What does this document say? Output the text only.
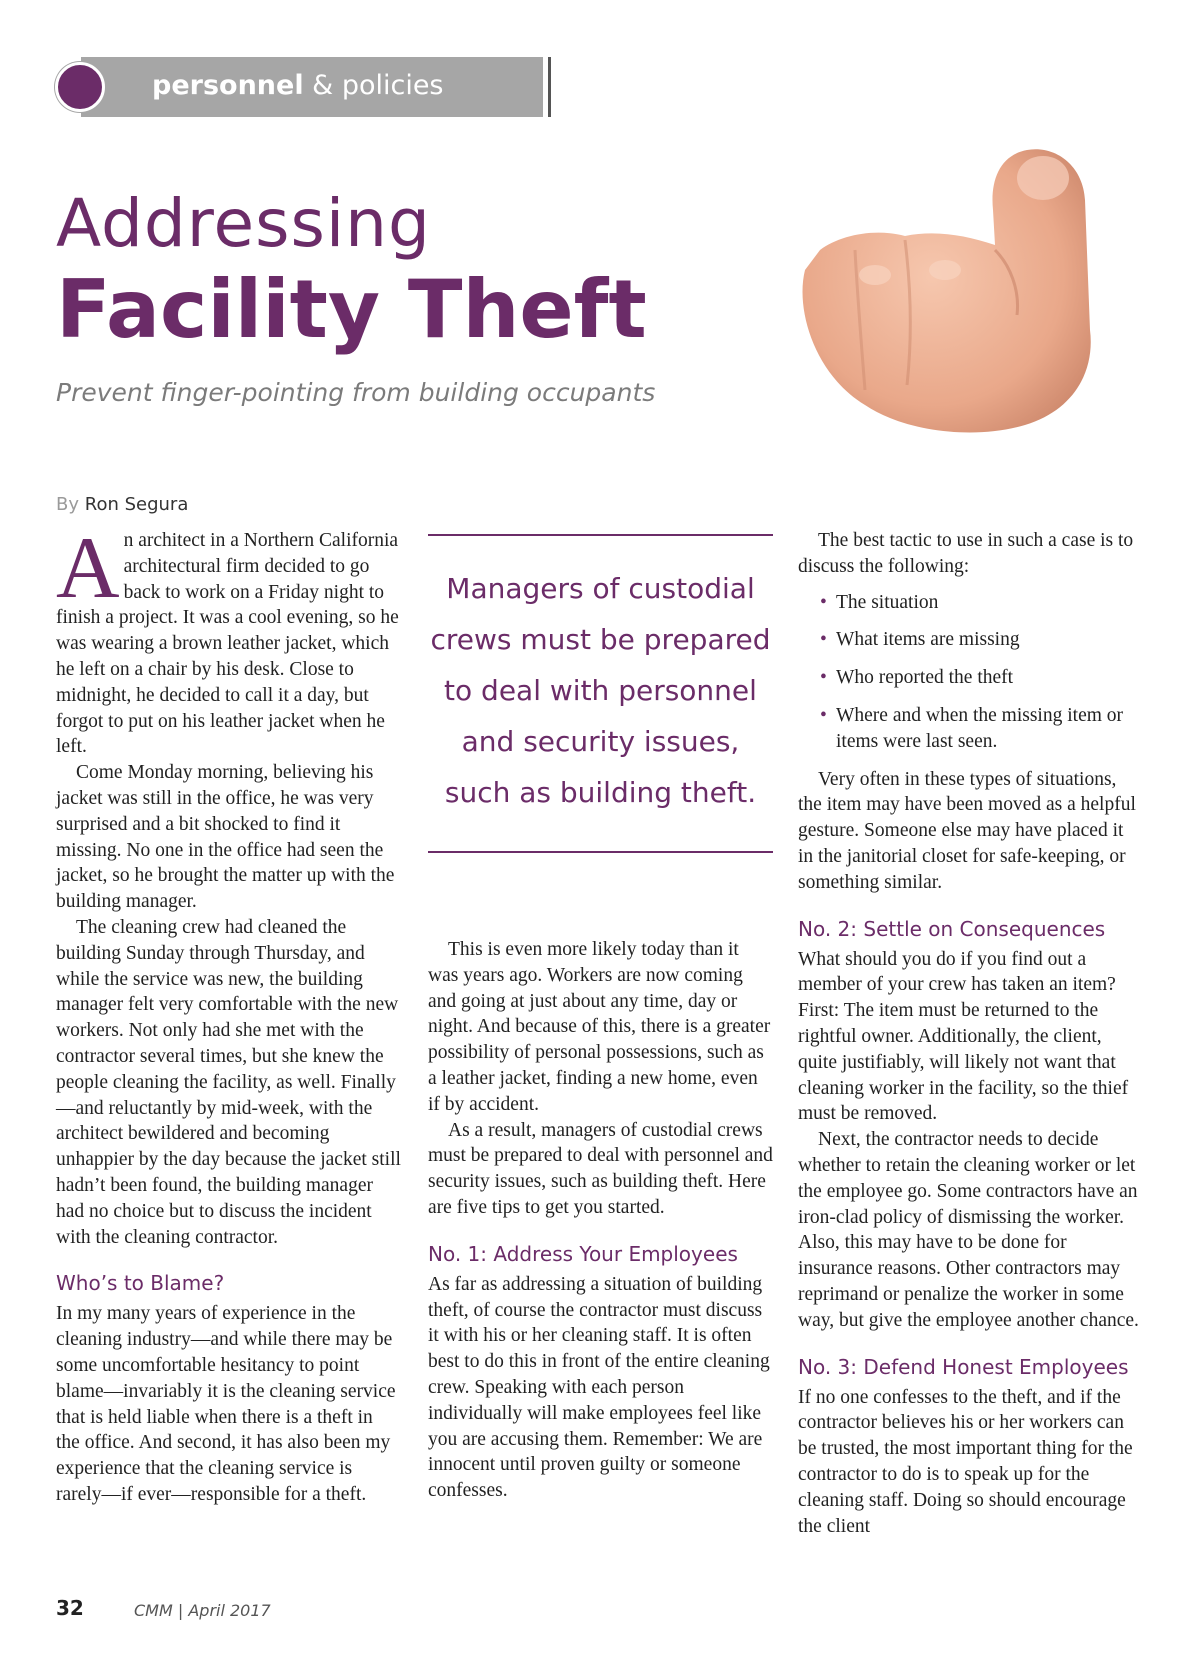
personnel & policies
Addressing
Facility Theft
Prevent finger-pointing from building occupants
By Ron Segura

An architect in a Northern California architectural firm decided to go back to work on a Friday night to finish a project. It was a cool evening, so he was wearing a brown leather jacket, which he left on a chair by his desk. Close to midnight, he decided to call it a day, but forgot to put on his leather jacket when he left.

Come Monday morning, believing his jacket was still in the office, he was very surprised and a bit shocked to find it missing. No one in the office had seen the jacket, so he brought the matter up with the building manager.

The cleaning crew had cleaned the building Sunday through Thursday, and while the service was new, the building manager felt very comfortable with the new workers. Not only had she met with the contractor several times, but she knew the people cleaning the facility, as well. Finally—and reluctantly by mid-week, with the architect bewildered and becoming unhappier by the day because the jacket still hadn’t been found, the building manager had no choice but to discuss the incident with the cleaning contractor.

Who’s to Blame?

In my many years of experience in the cleaning industry—and while there may be some uncomfortable hesitancy to point blame—invariably it is the cleaning service that is held liable when there is a theft in the office. And second, it has also been my experience that the cleaning service is rarely—if ever—responsible for a theft.

Managers of custodial crews must be prepared to deal with personnel and security issues, such as building theft.

This is even more likely today than it was years ago. Workers are now coming and going at just about any time, day or night. And because of this, there is a greater possibility of personal possessions, such as a leather jacket, finding a new home, even if by accident.

As a result, managers of custodial crews must be prepared to deal with personnel and security issues, such as building theft. Here are five tips to get you started.

No. 1: Address Your Employees

As far as addressing a situation of building theft, of course the contractor must discuss it with his or her cleaning staff. It is often best to do this in front of the entire cleaning crew. Speaking with each person individually will make employees feel like you are accusing them. Remember: We are innocent until proven guilty or someone confesses.

The best tactic to use in such a case is to discuss the following:

• The situation
• What items are missing
• Who reported the theft
• Where and when the missing item or items were last seen.

Very often in these types of situations, the item may have been moved as a helpful gesture. Someone else may have placed it in the janitorial closet for safe-keeping, or something similar.

No. 2: Settle on Consequences

What should you do if you find out a member of your crew has taken an item? First: The item must be returned to the rightful owner. Additionally, the client, quite justifiably, will likely not want that cleaning worker in the facility, so the thief must be removed.

Next, the contractor needs to decide whether to retain the cleaning worker or let the employee go. Some contractors have an iron-clad policy of dismissing the worker. Also, this may have to be done for insurance reasons. Other contractors may reprimand or penalize the worker in some way, but give the employee another chance.

No. 3: Defend Honest Employees

If no one confesses to the theft, and if the contractor believes his or her workers can be trusted, the most important thing for the contractor to do is to speak up for the cleaning staff. Doing so should encourage the client

32	CMM | April 2017
